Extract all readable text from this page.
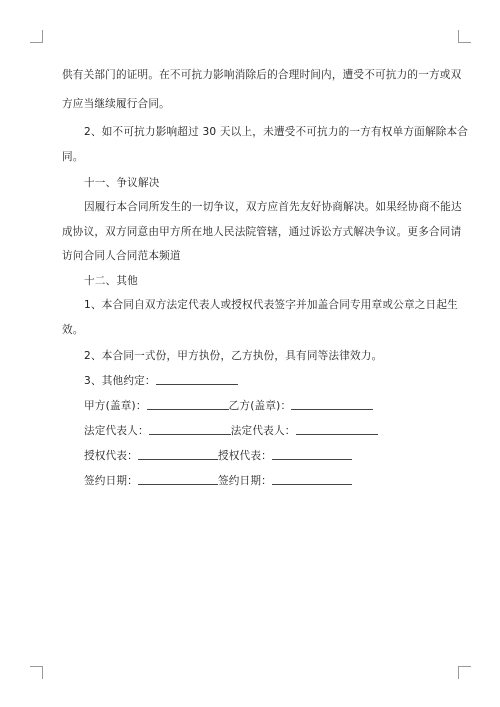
供有关部门的证明。在不可抗力影响消除后的合理时间内，遭受不可抗力的一方或双
方应当继续履行合同。
2、如不可抗力影响超过 30 天以上，未遭受不可抗力的一方有权单方面解除本合
同。
十一、争议解决
因履行本合同所发生的一切争议，双方应首先友好协商解决。如果经协商不能达
成协议，双方同意由甲方所在地人民法院管辖，通过诉讼方式解决争议。更多合同请
访问合同人合同范本频道
十二、其他
1、本合同自双方法定代表人或授权代表签字并加盖合同专用章或公章之日起生
效。
2、本合同一式份，甲方执份，乙方执份，具有同等法律效力。
3、其他约定：
甲方(盖章)：	乙方(盖章)：
法定代表人：	法定代表人：
授权代表：	授权代表：
签约日期：	签约日期：
